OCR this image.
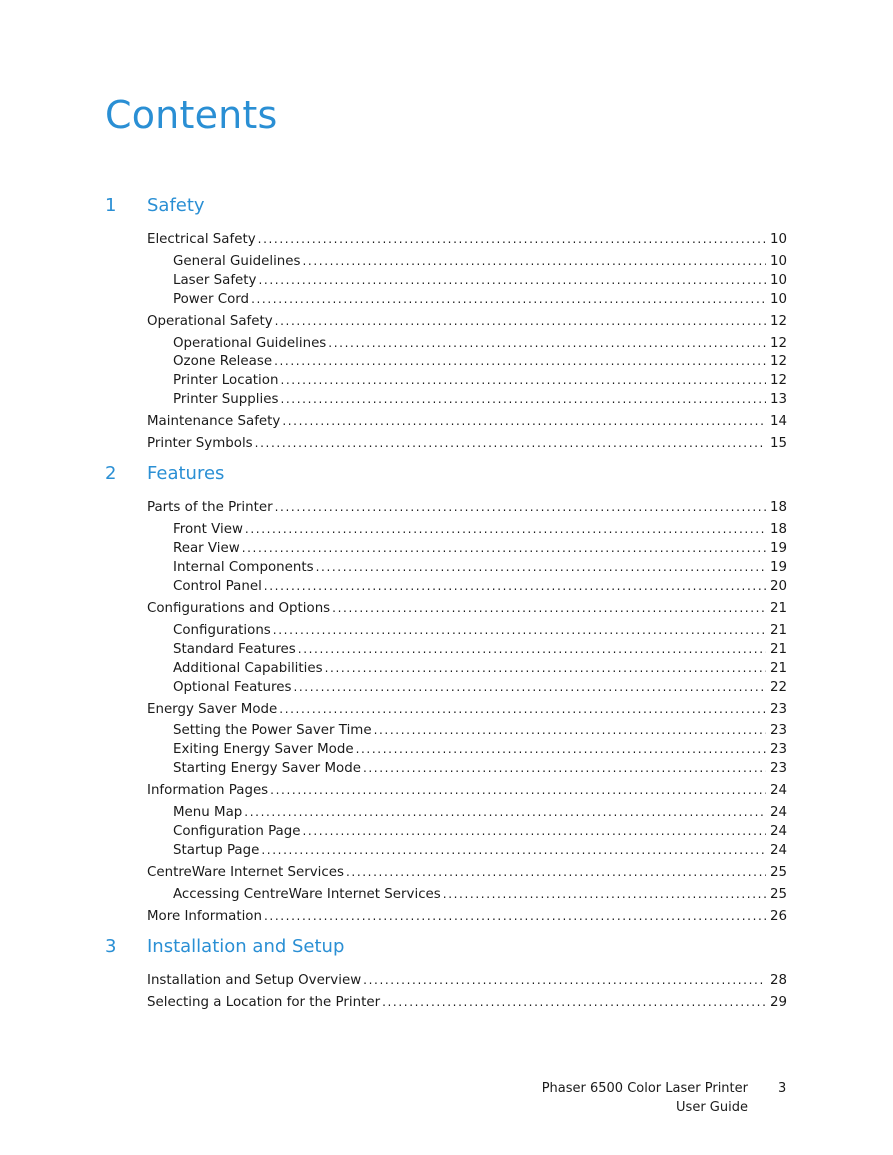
Contents
1 Safety
Electrical Safety . . .	10
General Guidelines . . .	10
Laser Safety . . .	10
Power Cord . . .	10
Operational Safety . . .	12
Operational Guidelines . . .	12
Ozone Release . . .	12
Printer Location . . .	12
Printer Supplies . . .	13
Maintenance Safety . . .	14
Printer Symbols . . .	15
2 Features
Parts of the Printer . . .	18
Front View . . .	18
Rear View . . .	19
Internal Components . . .	19
Control Panel . . .	20
Configurations and Options . . .	21
Configurations . . .	21
Standard Features . . .	21
Additional Capabilities . . .	21
Optional Features . . .	22
Energy Saver Mode . . .	23
Setting the Power Saver Time . . .	23
Exiting Energy Saver Mode . . .	23
Starting Energy Saver Mode . . .	23
Information Pages . . .	24
Menu Map . . .	24
Configuration Page . . .	24
Startup Page . . .	24
CentreWare Internet Services . . .	25
Accessing CentreWare Internet Services . . .	25
More Information . . .	26
3 Installation and Setup
Installation and Setup Overview . . .	28
Selecting a Location for the Printer . . .	29
Phaser 6500 Color Laser Printer
User Guide
3
